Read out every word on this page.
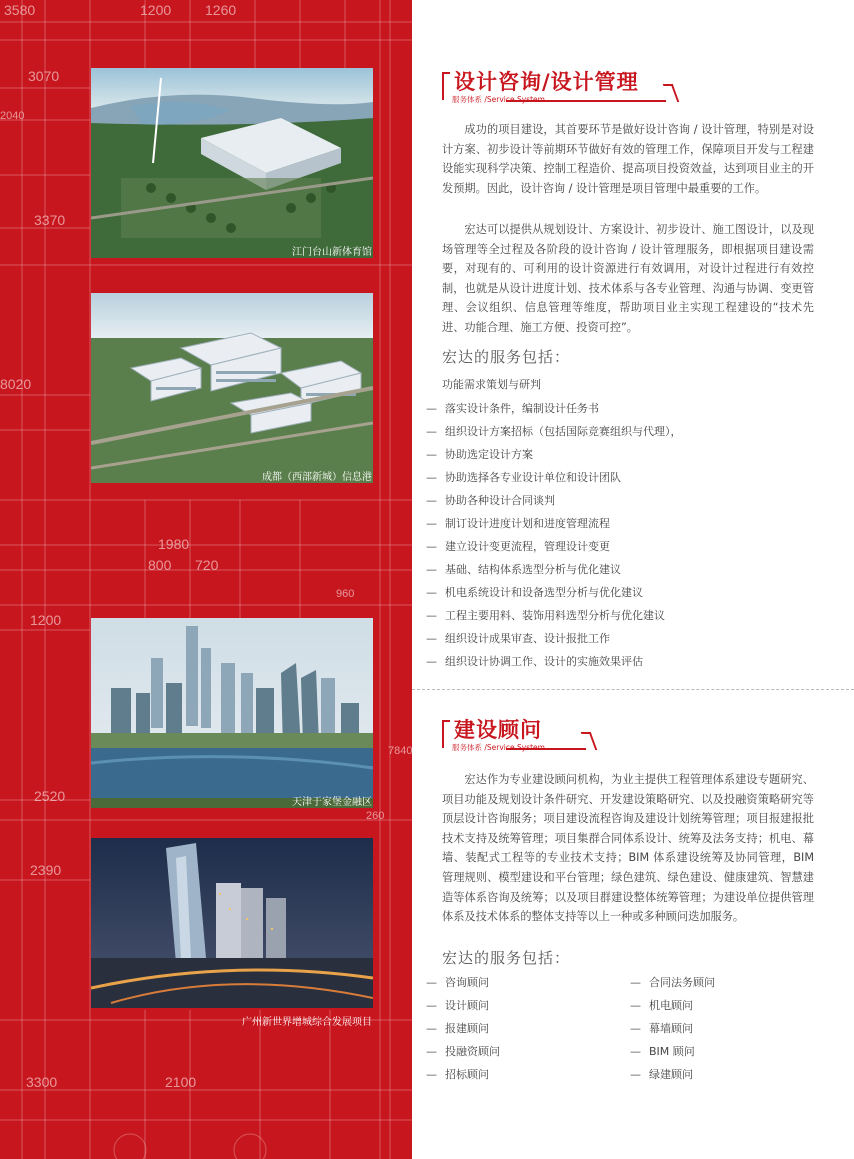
3580	1200 1260
3070
2040
3370
8020
1980
800 720
960
1200
2520
260
7840
2390
3300	2100
江门台山新体育馆
成都（西部新城）信息港
天津于家堡金融区
广州新世界增城综合发展项目
设计咨询/设计管理
服务体系 /Service System

成功的项目建设，其首要环节是做好设计咨询 / 设计管理，特别是对设计方案、初步设计等前期环节做好有效的管理工作，保障项目开发与工程建设能实现科学决策、控制工程造价、提高项目投资效益，达到项目业主的开发预期。因此，设计咨询 / 设计管理是项目管理中最重要的工作。

宏达可以提供从规划设计、方案设计、初步设计、施工图设计，以及现场管理等全过程及各阶段的设计咨询 / 设计管理服务，即根据项目建设需要，对现有的、可利用的设计资源进行有效调用，对设计过程进行有效控制，也就是从设计进度计划、技术体系与各专业管理、沟通与协调、变更管理、会议组织、信息管理等维度，帮助项目业主实现工程建设的“技术先进、功能合理、施工方便、投资可控”。

宏达的服务包括：
功能需求策划与研判
— 落实设计条件，编制设计任务书
— 组织设计方案招标（包括国际竞赛组织与代理），
— 协助选定设计方案
— 协助选择各专业设计单位和设计团队
— 协助各种设计合同谈判
— 制订设计进度计划和进度管理流程
— 建立设计变更流程，管理设计变更
— 基础、结构体系选型分析与优化建议
— 机电系统设计和设备选型分析与优化建议
— 工程主要用料、装饰用料选型分析与优化建议
— 组织设计成果审查、设计报批工作
— 组织设计协调工作、设计的实施效果评估
建设顾问
服务体系 /Service System

宏达作为专业建设顾问机构，为业主提供工程管理体系建设专题研究、项目功能及规划设计条件研究、开发建设策略研究、以及投融资策略研究等顶层设计咨询服务；项目建设流程咨询及建设计划统筹管理；项目报建报批技术支持及统筹管理；项目集群合同体系设计、统筹及法务支持；机电、幕墙、装配式工程等的专业技术支持；BIM 体系建设统筹及协同管理，BIM 管理规则、模型建设和平台管理；绿色建筑、绿色建设、健康建筑、智慧建造等体系咨询及统筹；以及项目群建设整体统筹管理；为建设单位提供管理体系及技术体系的整体支持等以上一种或多种顾问迭加服务。

宏达的服务包括：
— 咨询顾问
— 设计顾问
— 报建顾问
— 投融资顾问
— 招标顾问
— 合同法务顾问
— 机电顾问
— 幕墙顾问
— BIM 顾问
— 绿建顾问
